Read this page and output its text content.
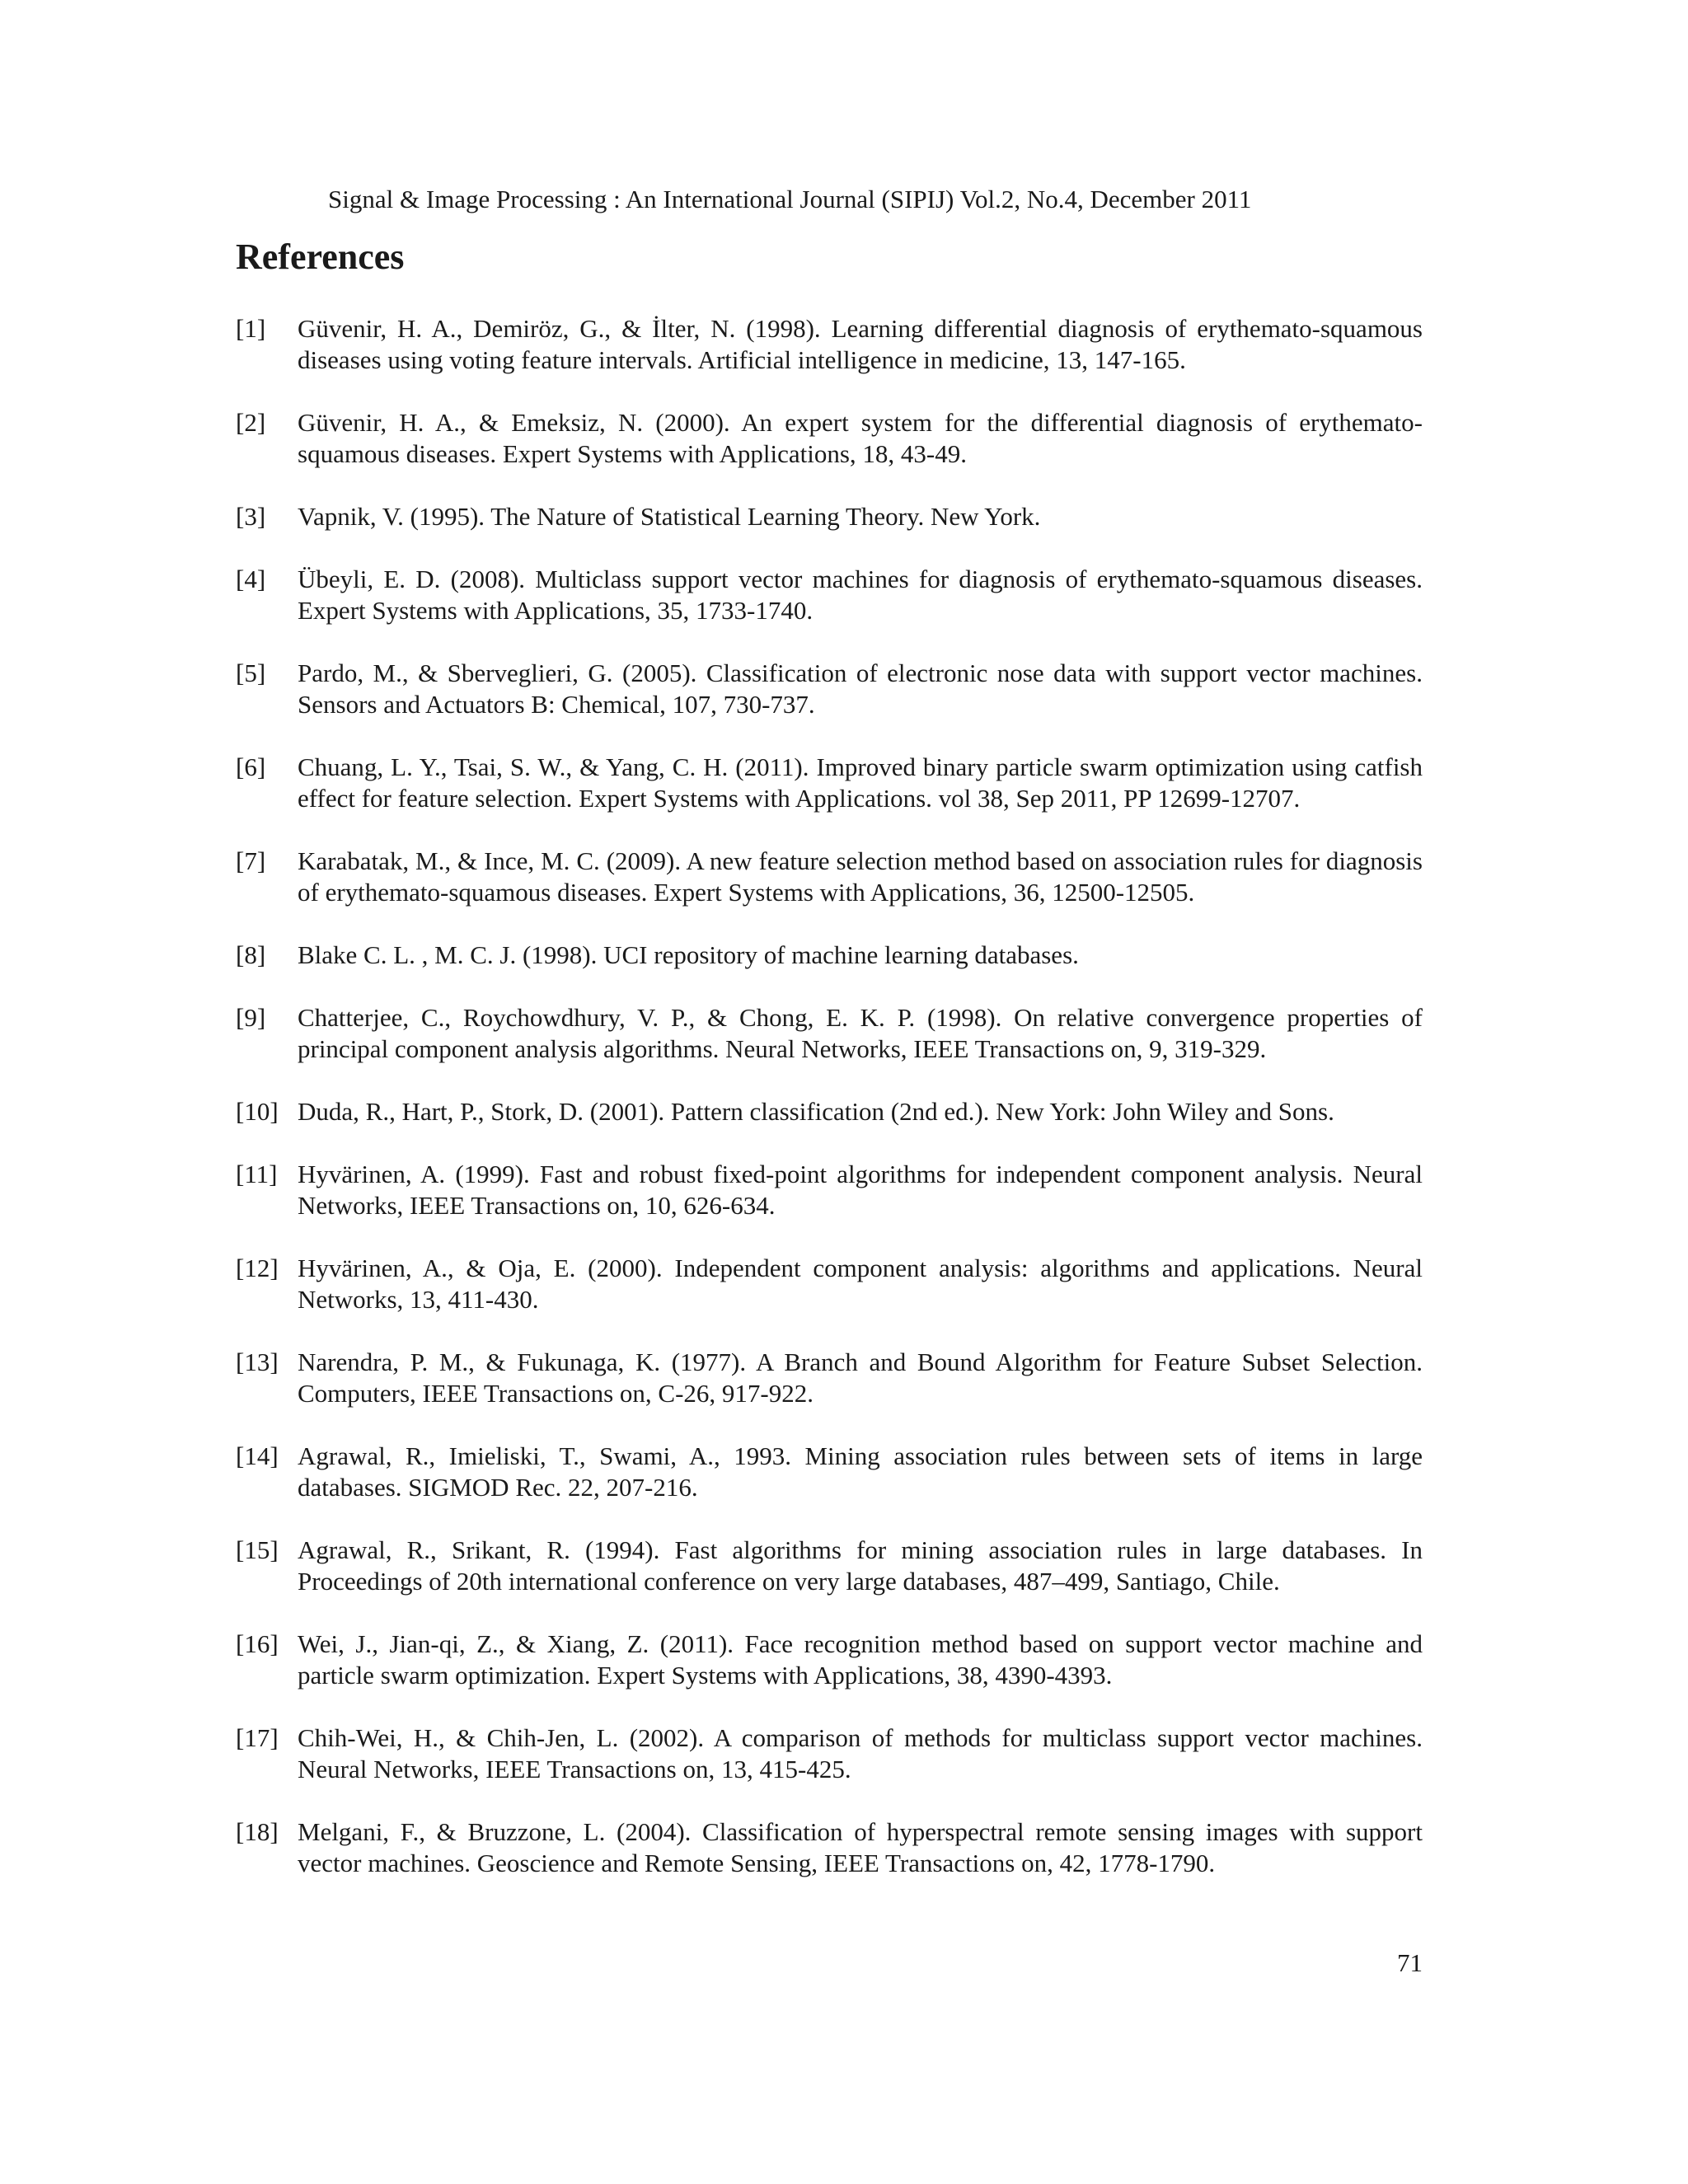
Signal & Image Processing : An International Journal (SIPIJ) Vol.2, No.4, December 2011
References
[1] Güvenir, H. A., Demiröz, G., & İlter, N. (1998). Learning differential diagnosis of erythemato-squamous diseases using voting feature intervals. Artificial intelligence in medicine, 13, 147-165.
[2] Güvenir, H. A., & Emeksiz, N. (2000). An expert system for the differential diagnosis of erythemato-squamous diseases. Expert Systems with Applications, 18, 43-49.
[3] Vapnik, V. (1995). The Nature of Statistical Learning Theory. New York.
[4] Übeyli, E. D. (2008). Multiclass support vector machines for diagnosis of erythemato-squamous diseases. Expert Systems with Applications, 35, 1733-1740.
[5] Pardo, M., & Sberveglieri, G. (2005). Classification of electronic nose data with support vector machines. Sensors and Actuators B: Chemical, 107, 730-737.
[6] Chuang, L. Y., Tsai, S. W., & Yang, C. H. (2011). Improved binary particle swarm optimization using catfish effect for feature selection. Expert Systems with Applications. vol 38, Sep 2011, PP 12699-12707.
[7] Karabatak, M., & Ince, M. C. (2009). A new feature selection method based on association rules for diagnosis of erythemato-squamous diseases. Expert Systems with Applications, 36, 12500-12505.
[8] Blake C. L. , M. C. J. (1998). UCI repository of machine learning databases.
[9] Chatterjee, C., Roychowdhury, V. P., & Chong, E. K. P. (1998). On relative convergence properties of principal component analysis algorithms. Neural Networks, IEEE Transactions on, 9, 319-329.
[10] Duda, R., Hart, P., Stork, D. (2001). Pattern classification (2nd ed.). New York: John Wiley and Sons.
[11] Hyvärinen, A. (1999). Fast and robust fixed-point algorithms for independent component analysis. Neural Networks, IEEE Transactions on, 10, 626-634.
[12] Hyvärinen, A., & Oja, E. (2000). Independent component analysis: algorithms and applications. Neural Networks, 13, 411-430.
[13] Narendra, P. M., & Fukunaga, K. (1977). A Branch and Bound Algorithm for Feature Subset Selection. Computers, IEEE Transactions on, C-26, 917-922.
[14] Agrawal, R., Imieliski, T., Swami, A., 1993. Mining association rules between sets of items in large databases. SIGMOD Rec. 22, 207-216.
[15] Agrawal, R., Srikant, R. (1994). Fast algorithms for mining association rules in large databases. In Proceedings of 20th international conference on very large databases, 487–499, Santiago, Chile.
[16] Wei, J., Jian-qi, Z., & Xiang, Z. (2011). Face recognition method based on support vector machine and particle swarm optimization. Expert Systems with Applications, 38, 4390-4393.
[17] Chih-Wei, H., & Chih-Jen, L. (2002). A comparison of methods for multiclass support vector machines. Neural Networks, IEEE Transactions on, 13, 415-425.
[18] Melgani, F., & Bruzzone, L. (2004). Classification of hyperspectral remote sensing images with support vector machines. Geoscience and Remote Sensing, IEEE Transactions on, 42, 1778-1790.
71
